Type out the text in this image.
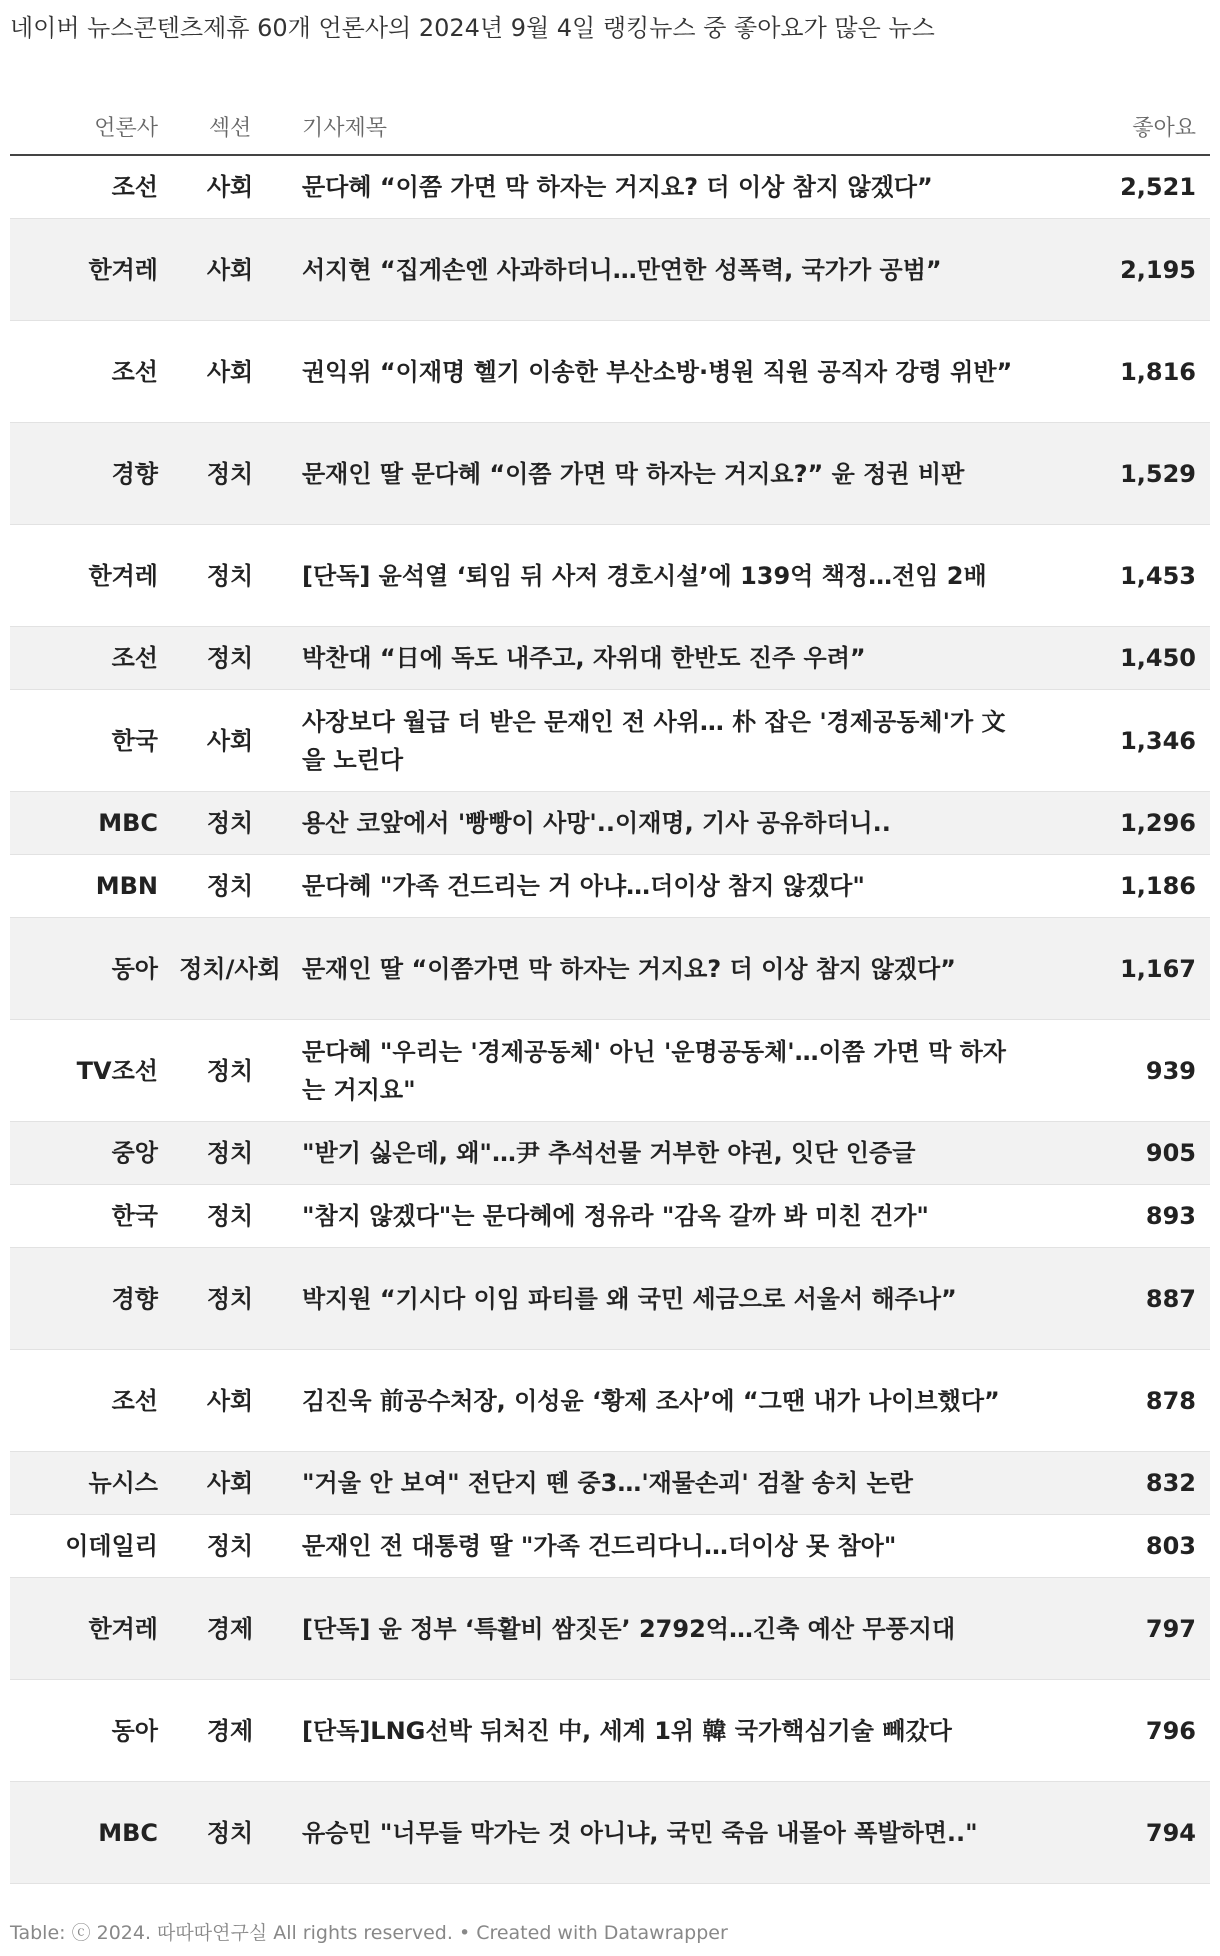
네이버 뉴스콘텐츠제휴 60개 언론사의 2024년 9월 4일 랭킹뉴스 중 좋아요가 많은 뉴스
언론사	섹션	기사제목	좋아요
조선	사회	문다혜 “이쯤 가면 막 하자는 거지요? 더 이상 참지 않겠다”	2,521
한겨레	사회	서지현 “집게손엔 사과하더니…만연한 성폭력, 국가가 공범”	2,195
조선	사회	권익위 “이재명 헬기 이송한 부산소방·병원 직원 공직자 강령 위반”	1,816
경향	정치	문재인 딸 문다혜 “이쯤 가면 막 하자는 거지요?” 윤 정권 비판	1,529
한겨레	정치	[단독] 윤석열 ‘퇴임 뒤 사저 경호시설’에 139억 책정…전임 2배	1,453
조선	정치	박찬대 “日에 독도 내주고, 자위대 한반도 진주 우려”	1,450
한국	사회	사장보다 월급 더 받은 문재인 전 사위… 朴 잡은 '경제공동체'가 文을 노린다	1,346
MBC	정치	용산 코앞에서 '빵빵이 사망'..이재명, 기사 공유하더니..	1,296
MBN	정치	문다혜 "가족 건드리는 거 아냐…더이상 참지 않겠다"	1,186
동아	정치/사회	문재인 딸 “이쯤가면 막 하자는 거지요? 더 이상 참지 않겠다”	1,167
TV조선	정치	문다혜 "우리는 '경제공동체' 아닌 '운명공동체'…이쯤 가면 막 하자는 거지요"	939
중앙	정치	"받기 싫은데, 왜"…尹 추석선물 거부한 야권, 잇단 인증글	905
한국	정치	"참지 않겠다"는 문다혜에 정유라 "감옥 갈까 봐 미친 건가"	893
경향	정치	박지원 “기시다 이임 파티를 왜 국민 세금으로 서울서 해주나”	887
조선	사회	김진욱 前공수처장, 이성윤 ‘황제 조사’에 “그땐 내가 나이브했다”	878
뉴시스	사회	"거울 안 보여" 전단지 뗀 중3…'재물손괴' 검찰 송치 논란	832
이데일리	정치	문재인 전 대통령 딸 "가족 건드리다니…더이상 못 참아"	803
한겨레	경제	[단독] 윤 정부 ‘특활비 쌈짓돈’ 2792억…긴축 예산 무풍지대	797
동아	경제	[단독]LNG선박 뒤처진 中, 세계 1위 韓 국가핵심기술 빼갔다	796
MBC	정치	유승민 "너무들 막가는 것 아니냐, 국민 죽음 내몰아 폭발하면.."	794
Table: ⓒ 2024. 따따따연구실 All rights reserved. • Created with Datawrapper
